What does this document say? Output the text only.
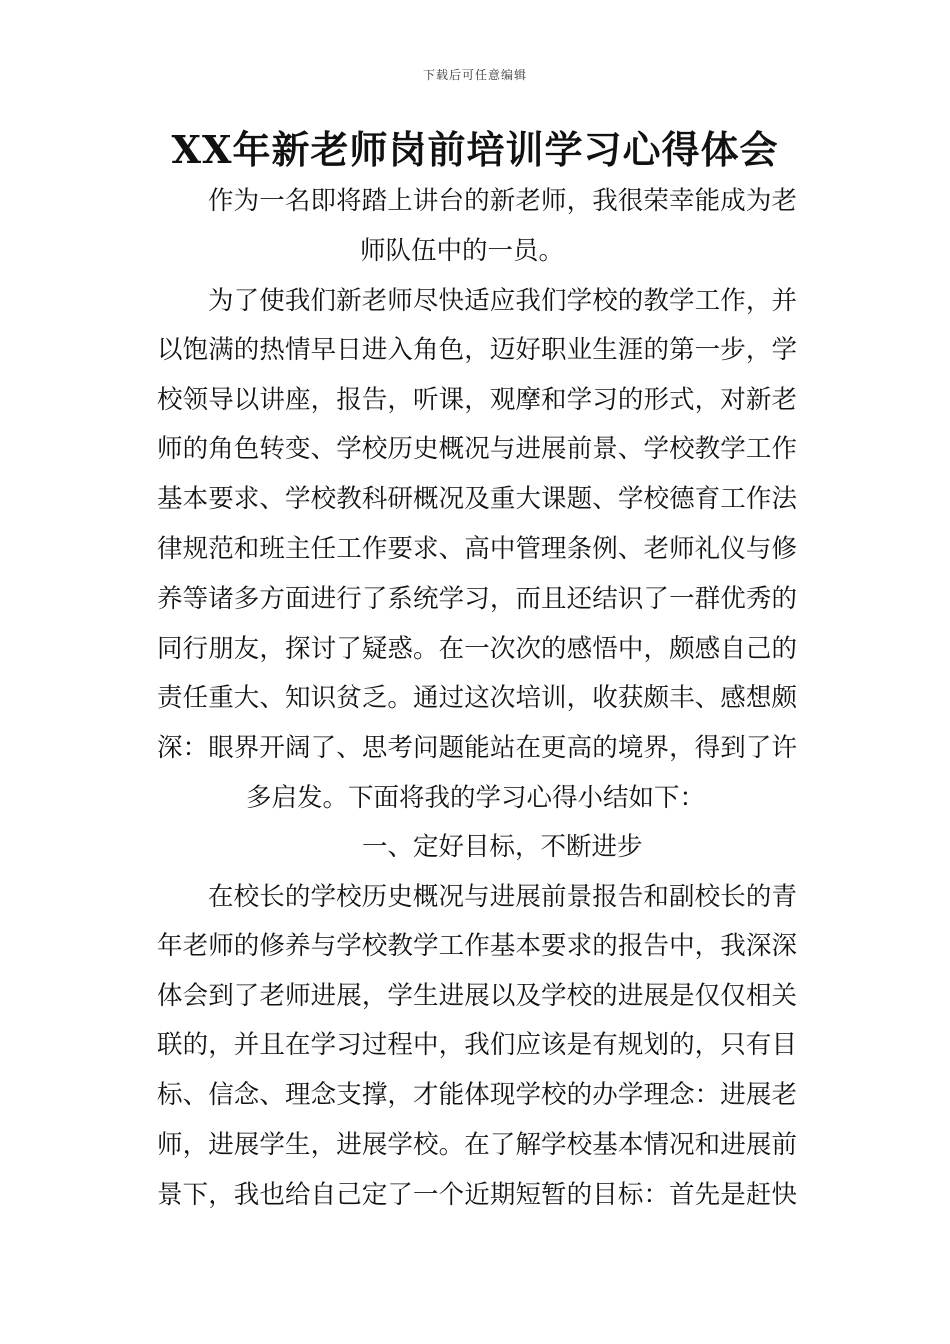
下载后可任意编辑
XX年新老师岗前培训学习心得体会
作为一名即将踏上讲台的新老师，我很荣幸能成为老
师队伍中的一员。
为了使我们新老师尽快适应我们学校的教学工作，并
以饱满的热情早日进入角色，迈好职业生涯的第一步，学
校领导以讲座，报告，听课，观摩和学习的形式，对新老
师的角色转变、学校历史概况与进展前景、学校教学工作
基本要求、学校教科研概况及重大课题、学校德育工作法
律规范和班主任工作要求、高中管理条例、老师礼仪与修
养等诸多方面进行了系统学习，而且还结识了一群优秀的
同行朋友，探讨了疑惑。在一次次的感悟中，颇感自己的
责任重大、知识贫乏。通过这次培训，收获颇丰、感想颇
深：眼界开阔了、思考问题能站在更高的境界，得到了许
多启发。下面将我的学习心得小结如下：
一、定好目标，不断进步
在校长的学校历史概况与进展前景报告和副校长的青
年老师的修养与学校教学工作基本要求的报告中，我深深
体会到了老师进展，学生进展以及学校的进展是仅仅相关
联的，并且在学习过程中，我们应该是有规划的，只有目
标、信念、理念支撑，才能体现学校的办学理念：进展老
师，进展学生，进展学校。在了解学校基本情况和进展前
景下，我也给自己定了一个近期短暂的目标：首先是赶快
